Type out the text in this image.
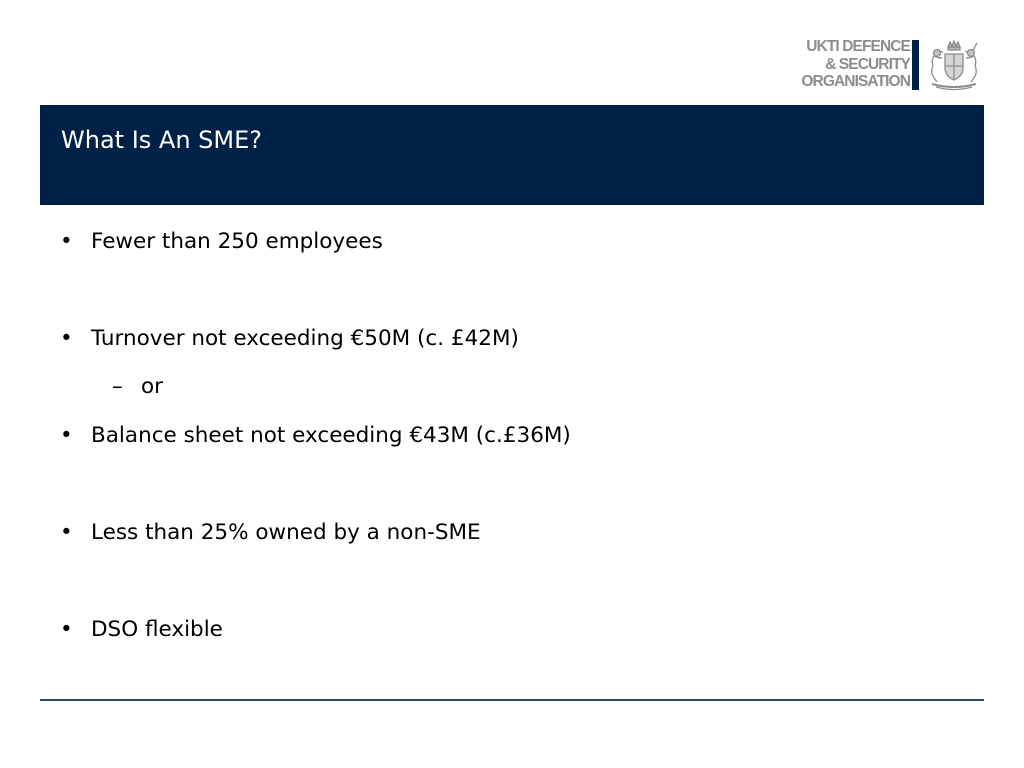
UKTI DEFENCE
& SECURITY
ORGANISATION
What Is An SME?
• Fewer than 250 employees
• Turnover not exceeding €50M (c. £42M)
– or
• Balance sheet not exceeding €43M (c.£36M)
• Less than 25% owned by a non-SME
• DSO flexible
